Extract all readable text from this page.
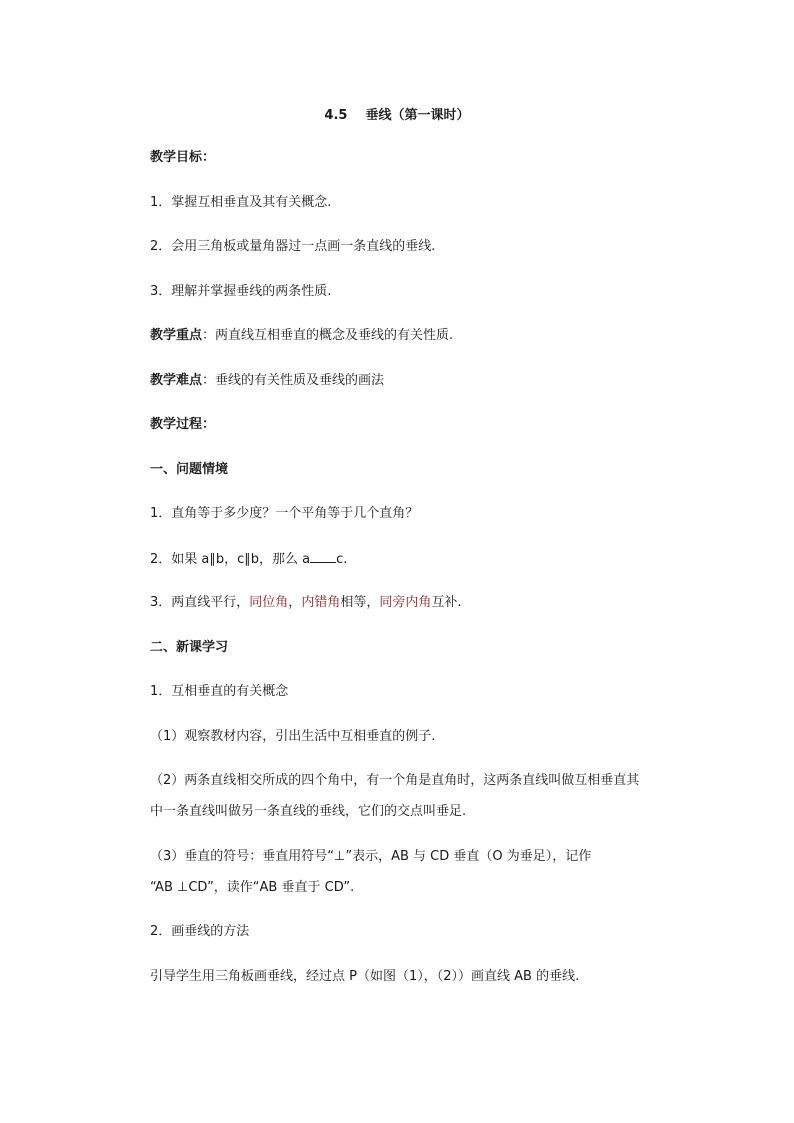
4.5    垂线（第一课时）
教学目标：
1．掌握互相垂直及其有关概念.
2．会用三角板或量角器过一点画一条直线的垂线.
3．理解并掌握垂线的两条性质.
教学重点：两直线互相垂直的概念及垂线的有关性质.
教学难点：垂线的有关性质及垂线的画法
教学过程：
一、问题情境
1．直角等于多少度？一个平角等于几个直角？
2．如果 a∥b，c∥b，那么 a c.
3．两直线平行，同位角，内错角相等，同旁内角互补.
二、新课学习
1．互相垂直的有关概念
（1）观察教材内容，引出生活中互相垂直的例子.
（2）两条直线相交所成的四个角中，有一个角是直角时，这两条直线叫做互相垂直其
中一条直线叫做另一条直线的垂线，它们的交点叫垂足.
（3）垂直的符号：垂直用符号“⊥”表示，AB 与 CD 垂直（O 为垂足），记作
“AB ⊥CD”，读作“AB 垂直于 CD”.
2．画垂线的方法
引导学生用三角板画垂线，经过点 P（如图（1），（2））画直线 AB 的垂线.
